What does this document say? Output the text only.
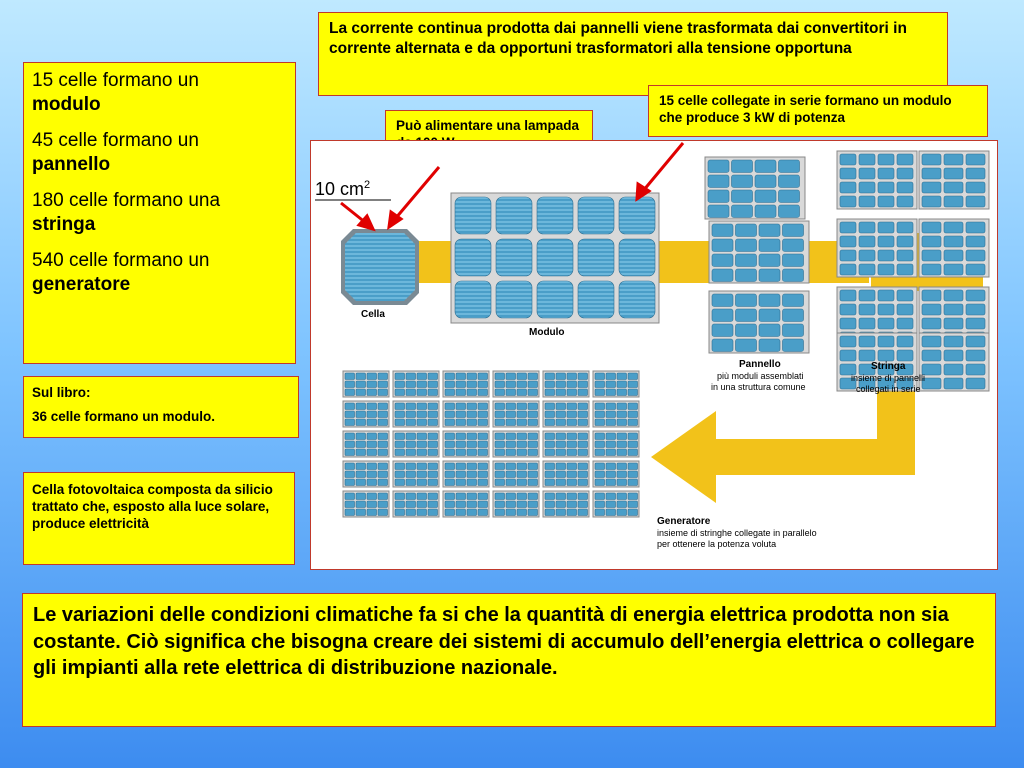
La corrente continua prodotta dai pannelli viene trasformata dai convertitori in corrente alternata e da opportuni trasformatori alla tensione opportuna

15 celle formano un
modulo

45 celle formano un
pannello

180 celle formano una
stringa

540 celle formano un
generatore

Può alimentare una lampada
15 celle collegate in serie formano un modulo che produce 3 kW di potenza
Sul libro:
36 celle formano un modulo.
Cella fotovoltaica composta da silicio trattato che, esposto alla luce solare, produce elettricità
Le variazioni delle condizioni climatiche fa si che la quantità di energia elettrica prodotta non sia costante. Ciò significa che bisogna creare dei sistemi di accumulo dell’energia elettrica o collegare gli impianti alla rete elettrica di distribuzione nazionale.
Cella
Modulo
Pannello
più moduli assemblati
in una struttura comune
Stringa
insieme di pannelli
collegati in serie
Generatore
insieme di stringhe collegate in parallelo
per ottenere la potenza voluta
10 $cm^2$
